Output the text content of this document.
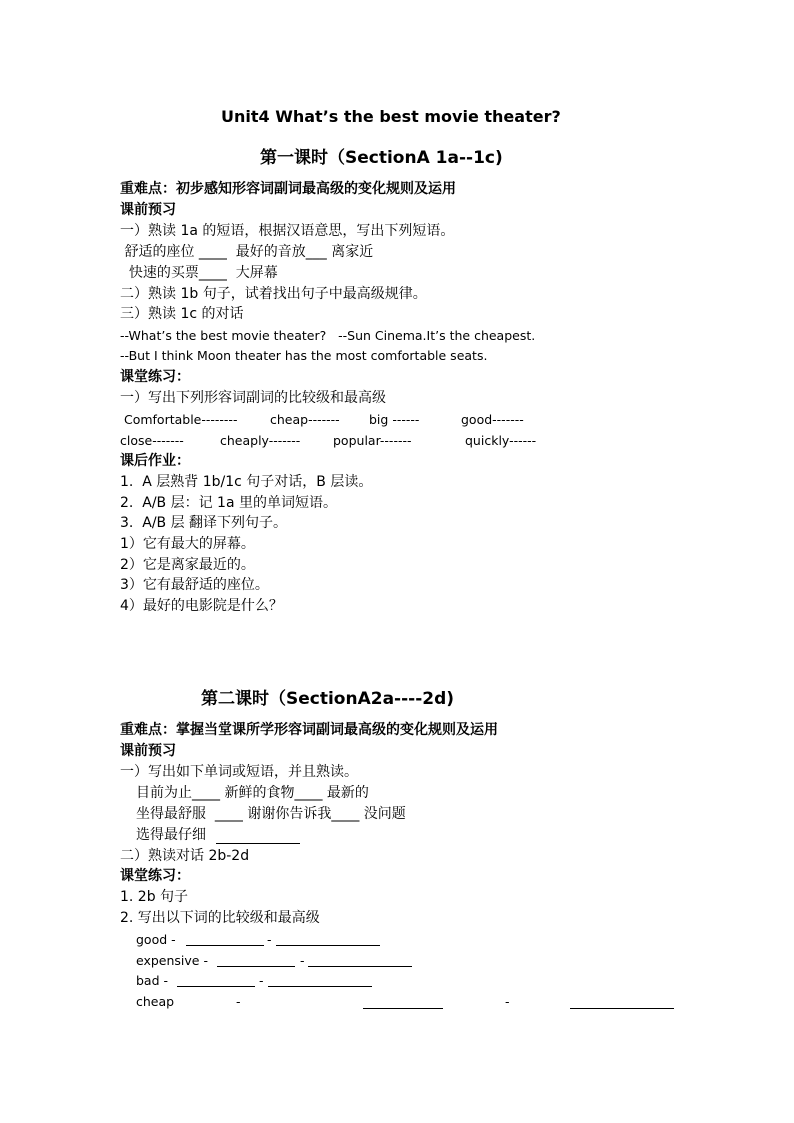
Unit4 What’s the best movie theater?
第一课时（SectionA 1a--1c)
重难点：初步感知形容词副词最高级的变化规则及运用
课前预习
一）熟读 1a 的短语，根据汉语意思，写出下列短语。
舒适的座位 ____  最好的音放___ 离家近
快速的买票____  大屏幕
二）熟读 1b 句子，试着找出句子中最高级规律。
三）熟读 1c 的对话
--What’s the best movie theater?   --Sun Cinema.It’s the cheapest.
--But I think Moon theater has the most comfortable seats.
课堂练习：
一）写出下列形容词副词的比较级和最高级
Comfortable--------	cheap------- big ------	good-------
close-------	cheaply-------	popular-------	quickly------
课后作业：
1.  A 层熟背 1b/1c 句子对话，B 层读。
2.  A/B 层：记 1a 里的单词短语。
3.  A/B 层 翻译下列句子。
1）它有最大的屏幕。
2）它是离家最近的。
3）它有最舒适的座位。
4）最好的电影院是什么？
第二课时（SectionA2a----2d)
重难点：掌握当堂课所学形容词副词最高级的变化规则及运用
课前预习
一）写出如下单词或短语，并且熟读。
目前为止____ 新鲜的食物____ 最新的
坐得最舒服  ____ 谢谢你告诉我____ 没问题
选得最仔细
二）熟读对话 2b-2d
课堂练习：
1. 2b 句子
2. 写出以下词的比较级和最高级
good -	-
expensive -	-
bad -	-
cheap	-	-
